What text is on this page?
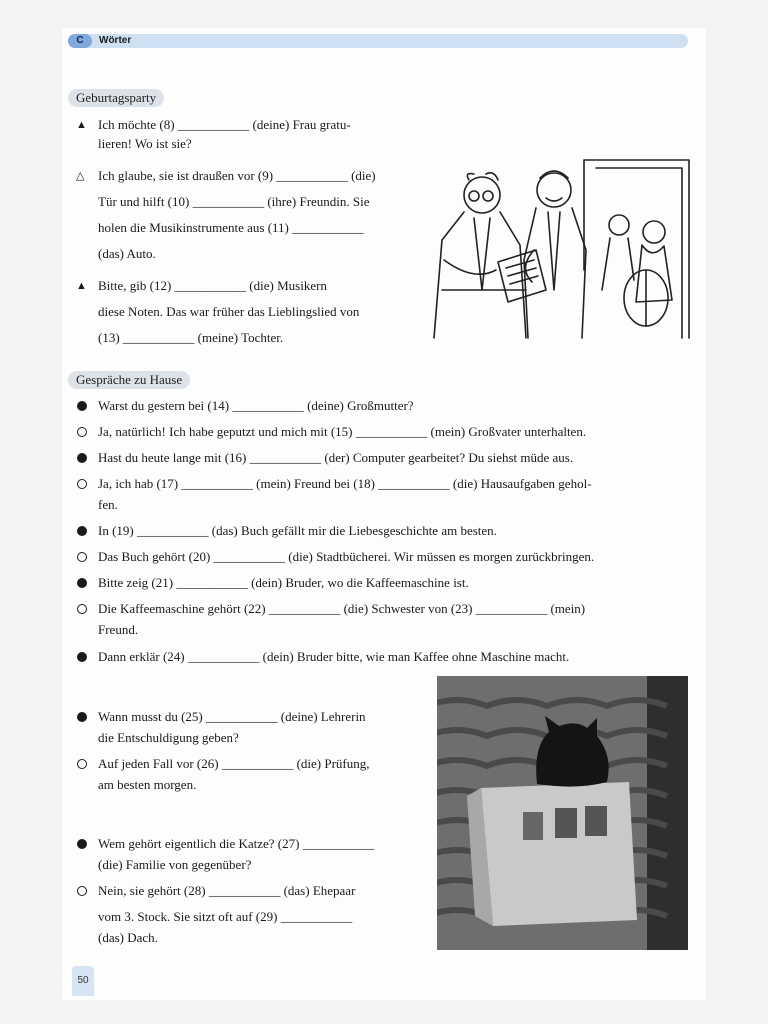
C	Wörter
Geburtagsparty
▲ Ich möchte (8) ___________ (deine) Frau gratu-
lieren! Wo ist sie?
△ Ich glaube, sie ist draußen vor (9) ___________ (die)
Tür und hilft (10) ___________ (ihre) Freundin. Sie
holen die Musikinstrumente aus (11) ___________
(das) Auto.
▲ Bitte, gib (12) ___________ (die) Musikern
diese Noten. Das war früher das Lieblingslied von
(13) ___________ (meine) Tochter.
Gespräche zu Hause
Warst du gestern bei (14) ___________ (deine) Großmutter?
Ja, natürlich! Ich habe geputzt und mich mit (15) ___________ (mein) Großvater unterhalten.
Hast du heute lange mit (16) ___________ (der) Computer gearbeitet? Du siehst müde aus.
Ja, ich hab (17) ___________ (mein) Freund bei (18) ___________ (die) Hausaufgaben gehol-
fen.
In (19) ___________ (das) Buch gefällt mir die Liebesgeschichte am besten.
Das Buch gehört (20) ___________ (die) Stadtbücherei. Wir müssen es morgen zurückbringen.
Bitte zeig (21) ___________ (dein) Bruder, wo die Kaffeemaschine ist.
Die Kaffeemaschine gehört (22) ___________ (die) Schwester von (23) ___________ (mein)
Freund.
Dann erklär (24) ___________ (dein) Bruder bitte, wie man Kaffee ohne Maschine macht.
Wann musst du (25) ___________ (deine) Lehrerin
die Entschuldigung geben?
Auf jeden Fall vor (26) ___________ (die) Prüfung,
am besten morgen.
Wem gehört eigentlich die Katze? (27) ___________
(die) Familie von gegenüber?
Nein, sie gehört (28) ___________ (das) Ehepaar
vom 3. Stock. Sie sitzt oft auf (29) ___________
(das) Dach.
50
